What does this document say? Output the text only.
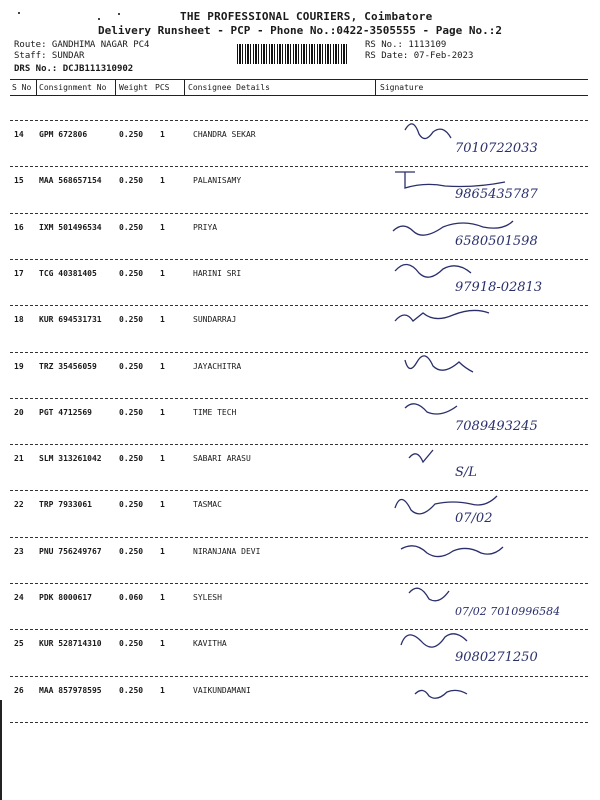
THE PROFESSIONAL COURIERS, Coimbatore
Delivery Runsheet - PCP - Phone No.:0422-3505555 - Page No.:2
Route: GANDHIMA NAGAR PC4
Staff: SUNDAR
DRS No.: DCJB111310902
RS No.: 1113109
RS Date: 07-Feb-2023
S No Consignment No Weight PCS Consignee Details	Signature
14 GPM 672806	0.250 1	CHANDRA SEKAR
7010722033
15 MAA 568657154 0.250 1	PALANISAMY
9865435787
16 IXM 501496534 0.250 1	PRIYA
6580501598
17 TCG 40381405	0.250 1	HARINI SRI
97918-02813
18 KUR 694531731 0.250 1	SUNDARRAJ
19 TRZ 35456059	0.250 1	JAYACHITRA
20 PGT 4712569	0.250 1	TIME TECH
7089493245
21 SLM 313261042 0.250 1	SABARI ARASU
S/L
22 TRP 7933061	0.250 1	TASMAC
07/02
23 PNU 756249767 0.250 1	NIRANJANA DEVI
24 PDK 8000617	0.060 1	SYLESH
07/02 7010996584
25 KUR 528714310 0.250 1	KAVITHA
9080271250
26 MAA 857978595 0.250 1	VAIKUNDAMANI
